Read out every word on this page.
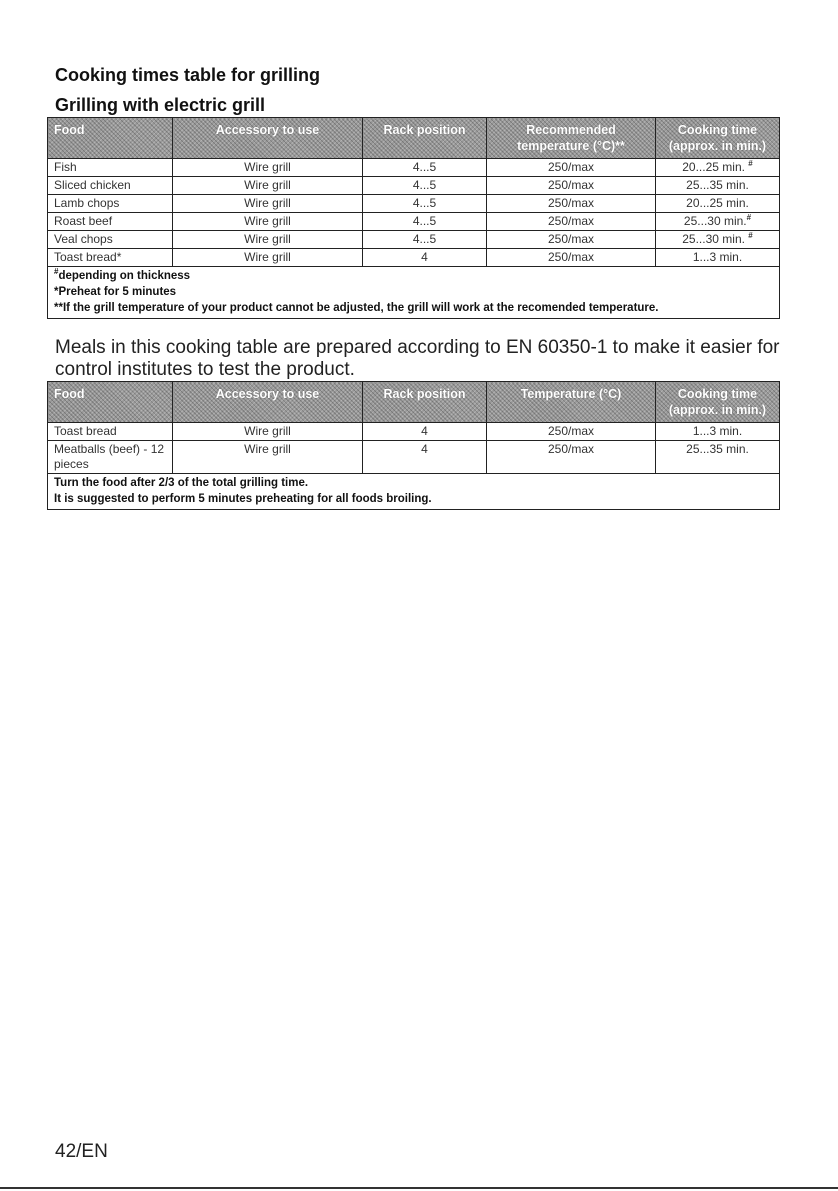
Cooking times table for grilling
Grilling with electric grill
Food	Accessory to use	Rack position	Recommended temperature (°C)**	Cooking time (approx. in min.)
Fish	Wire grill	4...5	250/max	20...25 min. #
Sliced chicken	Wire grill	4...5	250/max	25...35 min.
Lamb chops	Wire grill	4...5	250/max	20...25 min.
Roast beef	Wire grill	4...5	250/max	25...30 min.#
Veal chops	Wire grill	4...5	250/max	25...30 min. #
Toast bread*	Wire grill	4	250/max	1...3 min.

#depending on thickness
*Preheat for 5 minutes
**If the grill temperature of your product cannot be adjusted, the grill will work at the recomended temperature.				

Meals in this cooking table are prepared according to EN 60350-1 to make it easier for control institutes to test the product.

Food	Accessory to use	Rack position	Temperature (°C)	Cooking time (approx. in min.)
Toast bread	Wire grill	4	250/max	1...3 min.
Meatballs (beef) - 12 pieces	Wire grill	4	250/max	25...35 min.

Turn the food after 2/3 of the total grilling time.
It is suggested to perform 5 minutes preheating for all foods broiling.				

42/EN
